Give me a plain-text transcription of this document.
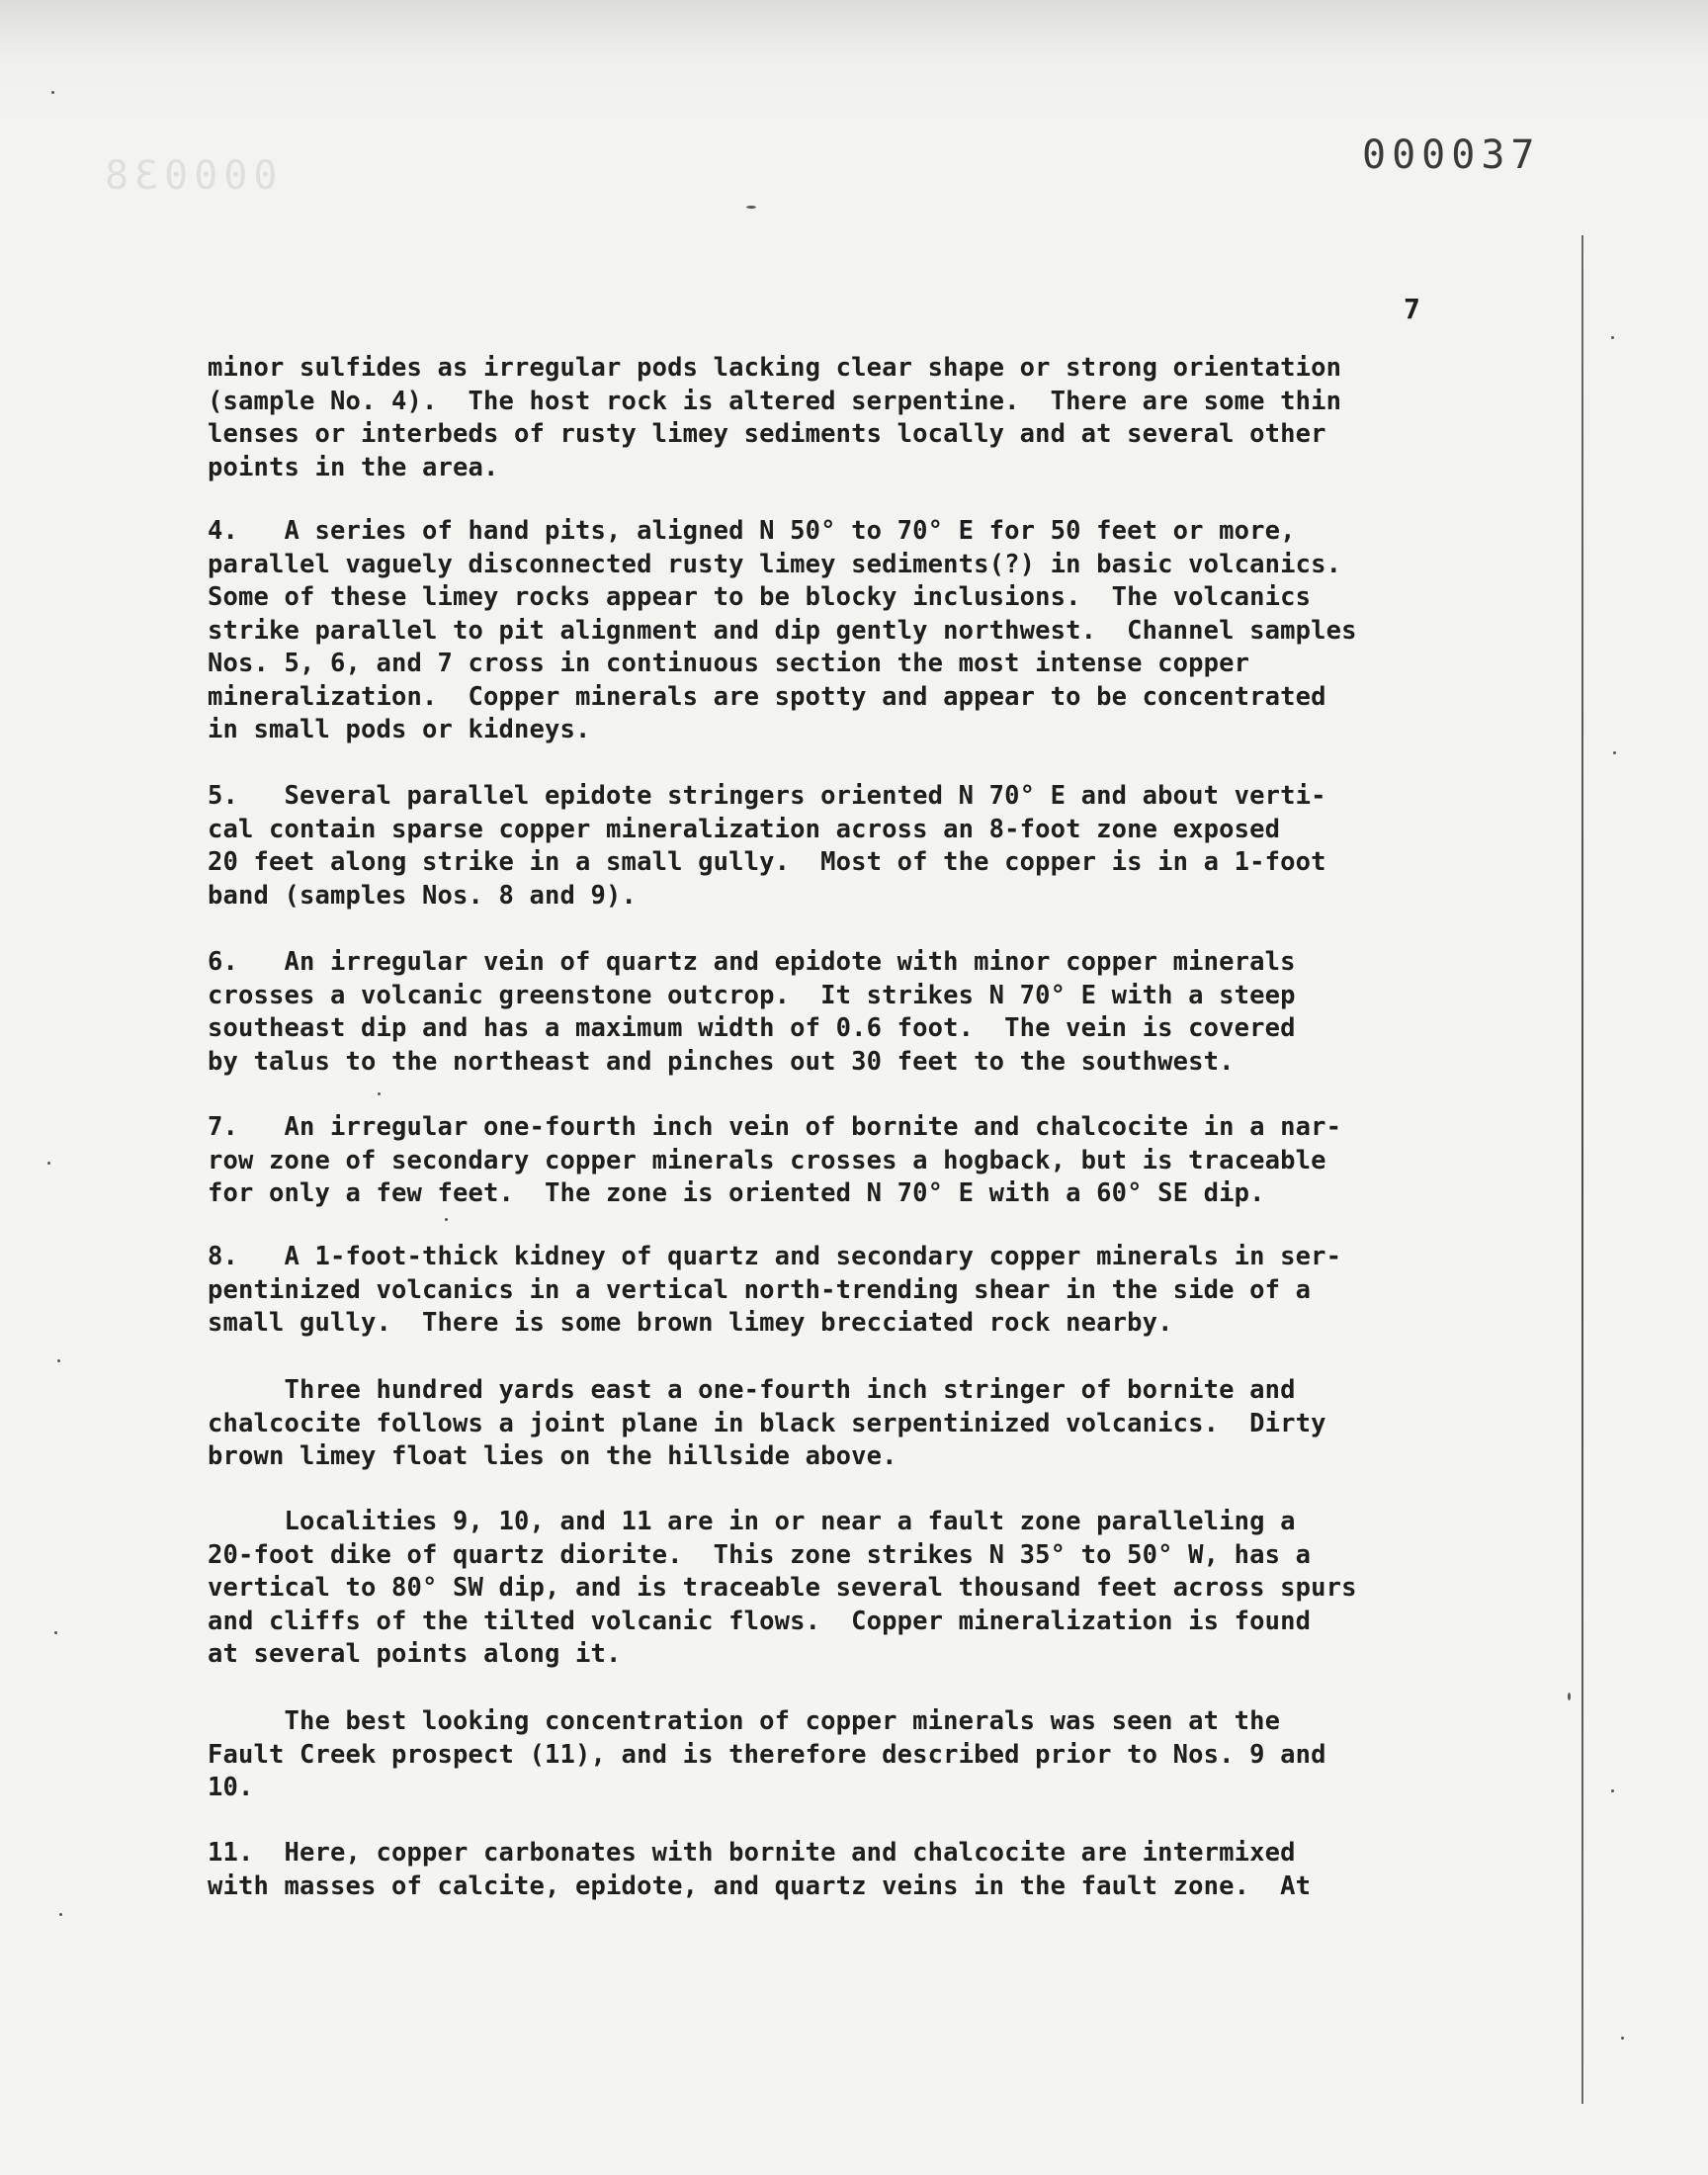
000038	000037
7
minor sulfides as irregular pods lacking clear shape or strong orientation
(sample No. 4).  The host rock is altered serpentine.  There are some thin
lenses or interbeds of rusty limey sediments locally and at several other
points in the area.
4.   A series of hand pits, aligned N 50° to 70° E for 50 feet or more,
parallel vaguely disconnected rusty limey sediments(?) in basic volcanics.
Some of these limey rocks appear to be blocky inclusions.  The volcanics
strike parallel to pit alignment and dip gently northwest.  Channel samples
Nos. 5, 6, and 7 cross in continuous section the most intense copper
mineralization.  Copper minerals are spotty and appear to be concentrated
in small pods or kidneys.
5.   Several parallel epidote stringers oriented N 70° E and about verti-
cal contain sparse copper mineralization across an 8-foot zone exposed
20 feet along strike in a small gully.  Most of the copper is in a 1-foot
band (samples Nos. 8 and 9).
6.   An irregular vein of quartz and epidote with minor copper minerals
crosses a volcanic greenstone outcrop.  It strikes N 70° E with a steep
southeast dip and has a maximum width of 0.6 foot.  The vein is covered
by talus to the northeast and pinches out 30 feet to the southwest.
7.   An irregular one-fourth inch vein of bornite and chalcocite in a nar-
row zone of secondary copper minerals crosses a hogback, but is traceable
for only a few feet.  The zone is oriented N 70° E with a 60° SE dip.
8.   A 1-foot-thick kidney of quartz and secondary copper minerals in ser-
pentinized volcanics in a vertical north-trending shear in the side of a
small gully.  There is some brown limey brecciated rock nearby.
Three hundred yards east a one-fourth inch stringer of bornite and
chalcocite follows a joint plane in black serpentinized volcanics.  Dirty
brown limey float lies on the hillside above.
Localities 9, 10, and 11 are in or near a fault zone paralleling a
20-foot dike of quartz diorite.  This zone strikes N 35° to 50° W, has a
vertical to 80° SW dip, and is traceable several thousand feet across spurs
and cliffs of the tilted volcanic flows.  Copper mineralization is found
at several points along it.
The best looking concentration of copper minerals was seen at the
Fault Creek prospect (11), and is therefore described prior to Nos. 9 and
10.
11.  Here, copper carbonates with bornite and chalcocite are intermixed
with masses of calcite, epidote, and quartz veins in the fault zone.  At
